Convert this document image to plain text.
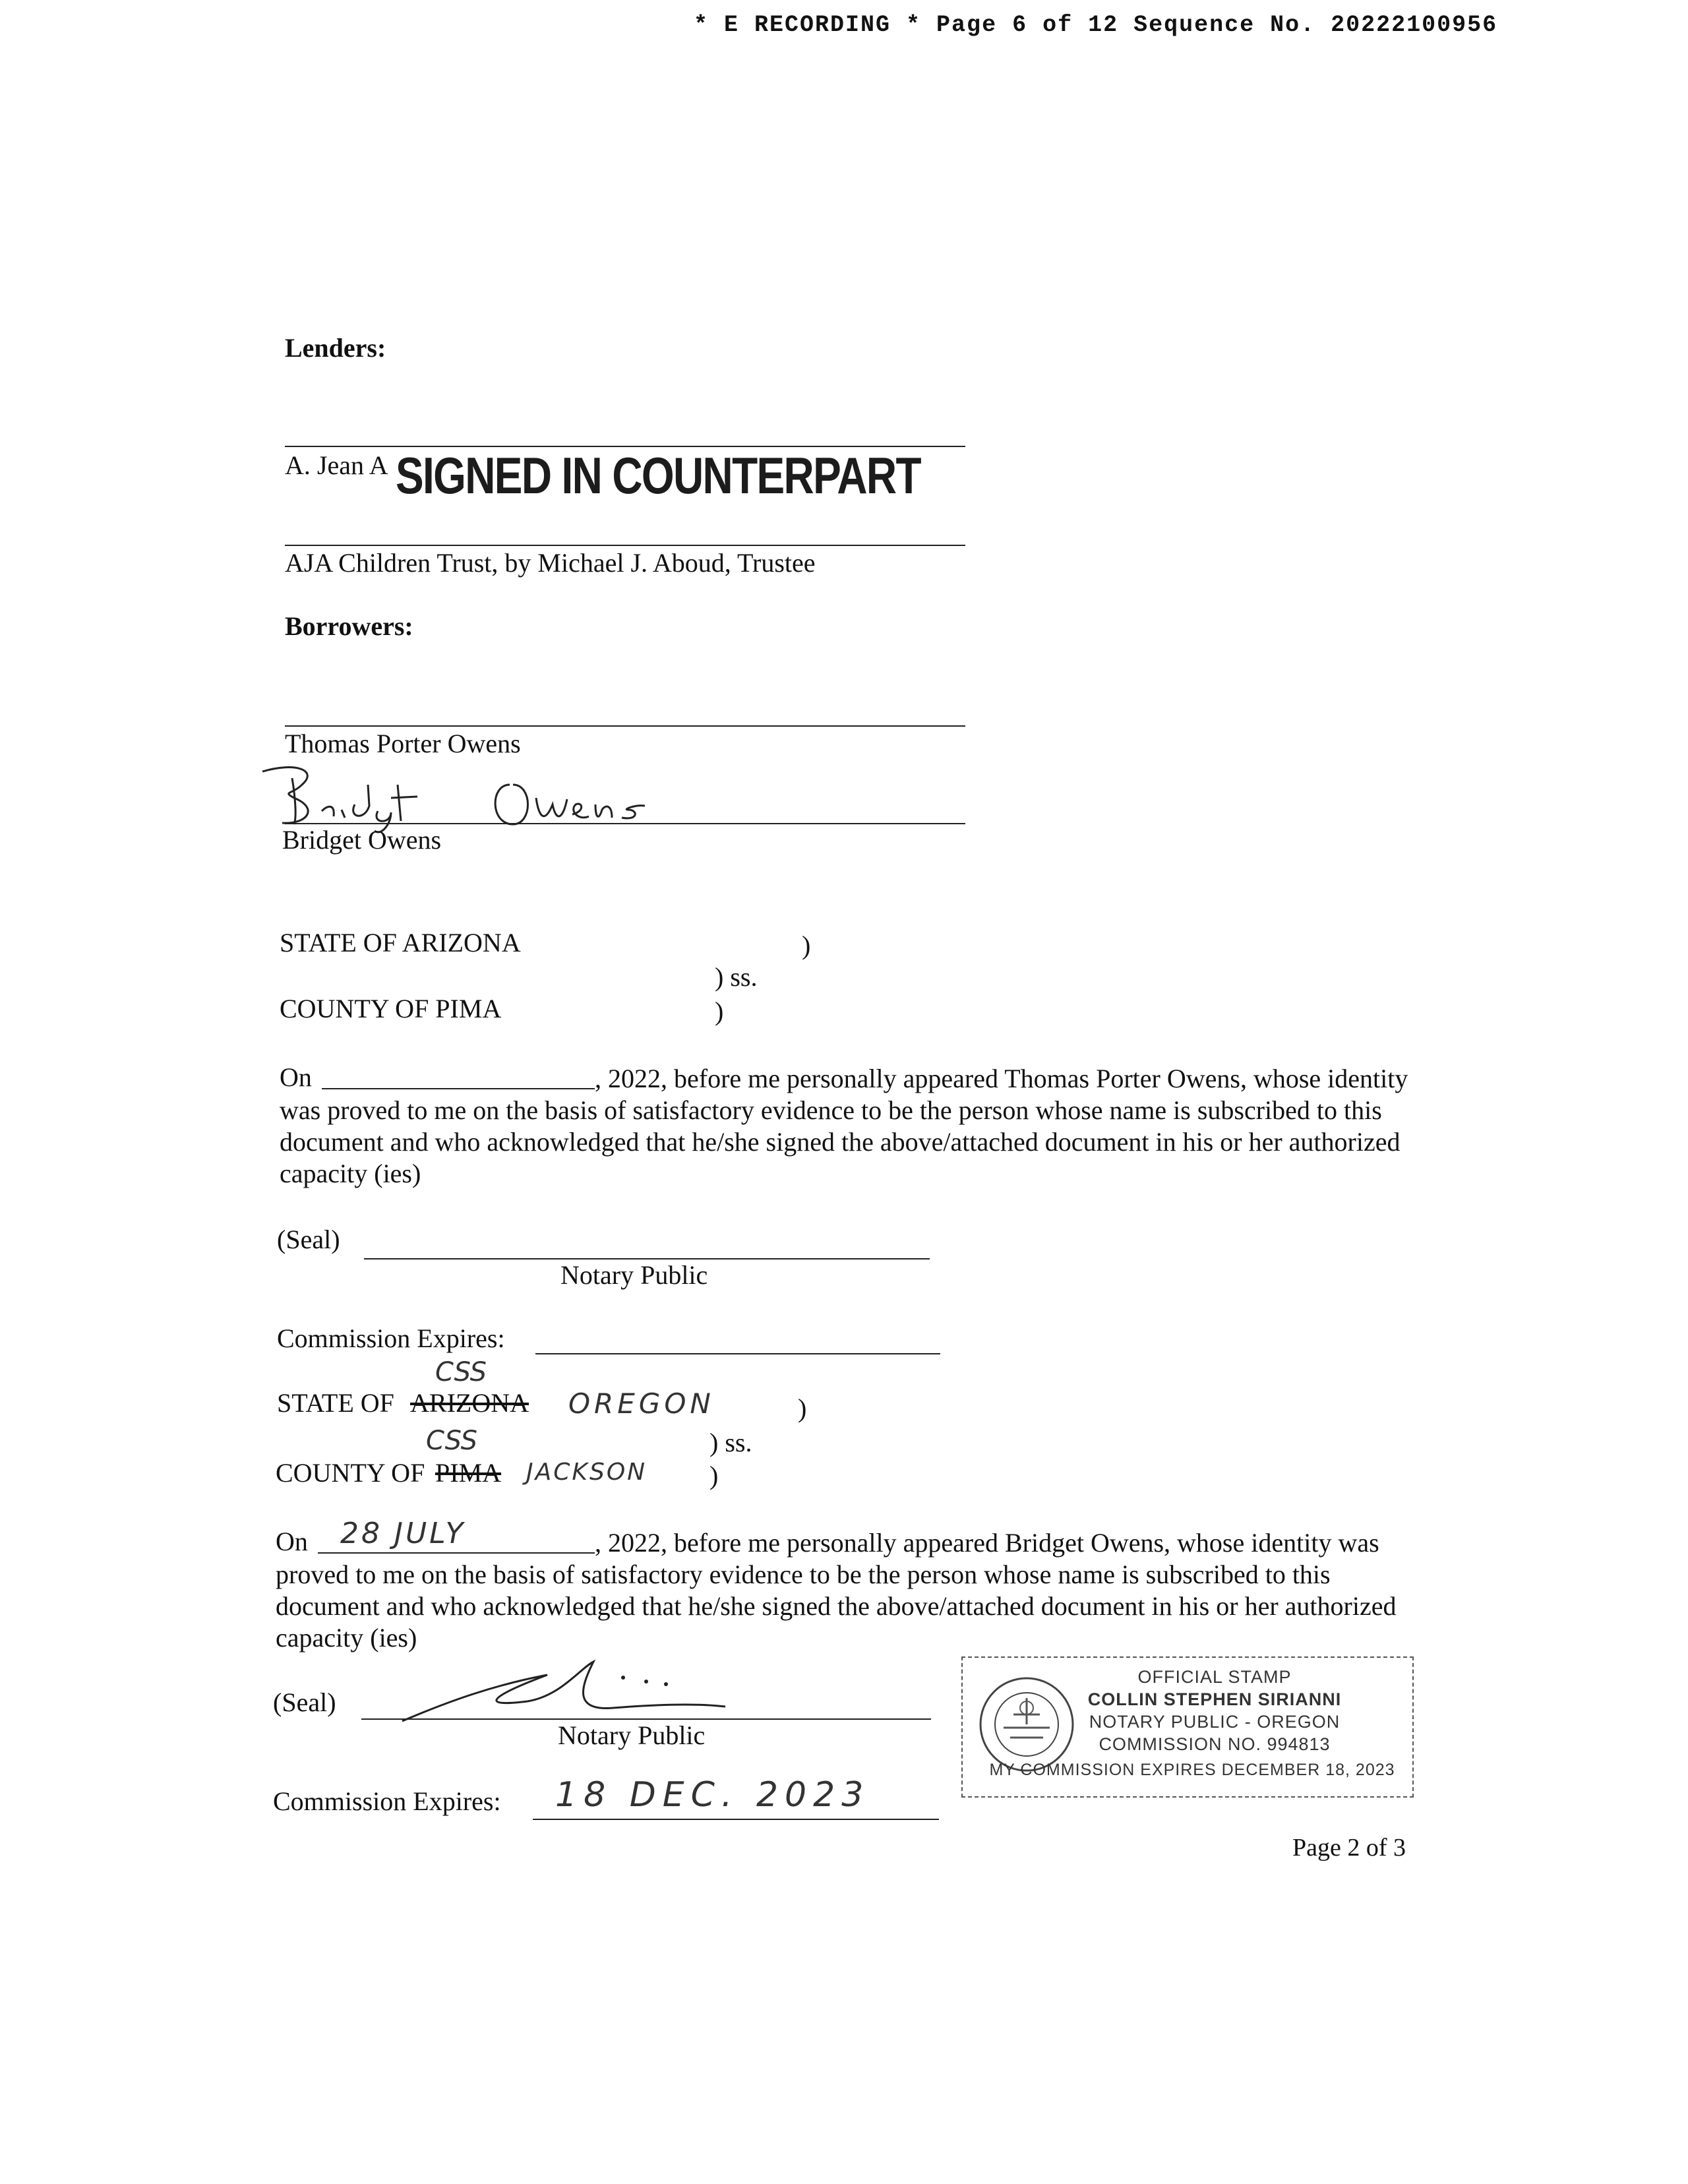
* E RECORDING * Page 6 of 12 Sequence No. 20222100956
Lenders:
A. Jean A SIGNED IN COUNTERPART
AJA Children Trust, by Michael J. Aboud, Trustee
Borrowers:
Thomas Porter Owens
Bridget Owens
STATE OF ARIZONA	)
) ss.
COUNTY OF PIMA	)
On	, 2022, before me personally appeared Thomas Porter Owens, whose identity was proved to me on the basis of satisfactory evidence to be the person whose name is subscribed to this document and who acknowledged that he/she signed the above/attached document in his or her authorized capacity (ies)
(Seal)
Notary Public
Commission Expires:
CSS
STATE OF ARIZONA OREGON	)
CSS	) ss.
COUNTY OF PIMA JACKSON )
On 28 JULY	, 2022, before me personally appeared Bridget Owens, whose identity was proved to me on the basis of satisfactory evidence to be the person whose name is subscribed to this document and who acknowledged that he/she signed the above/attached document in his or her authorized capacity (ies)
(Seal)
Notary Public
Commission Expires: 18 DEC. 2023
OFFICIAL STAMP
COLLIN STEPHEN SIRIANNI
NOTARY PUBLIC - OREGON
COMMISSION NO. 994813
MY COMMISSION EXPIRES DECEMBER 18, 2023
Page 2 of 3
